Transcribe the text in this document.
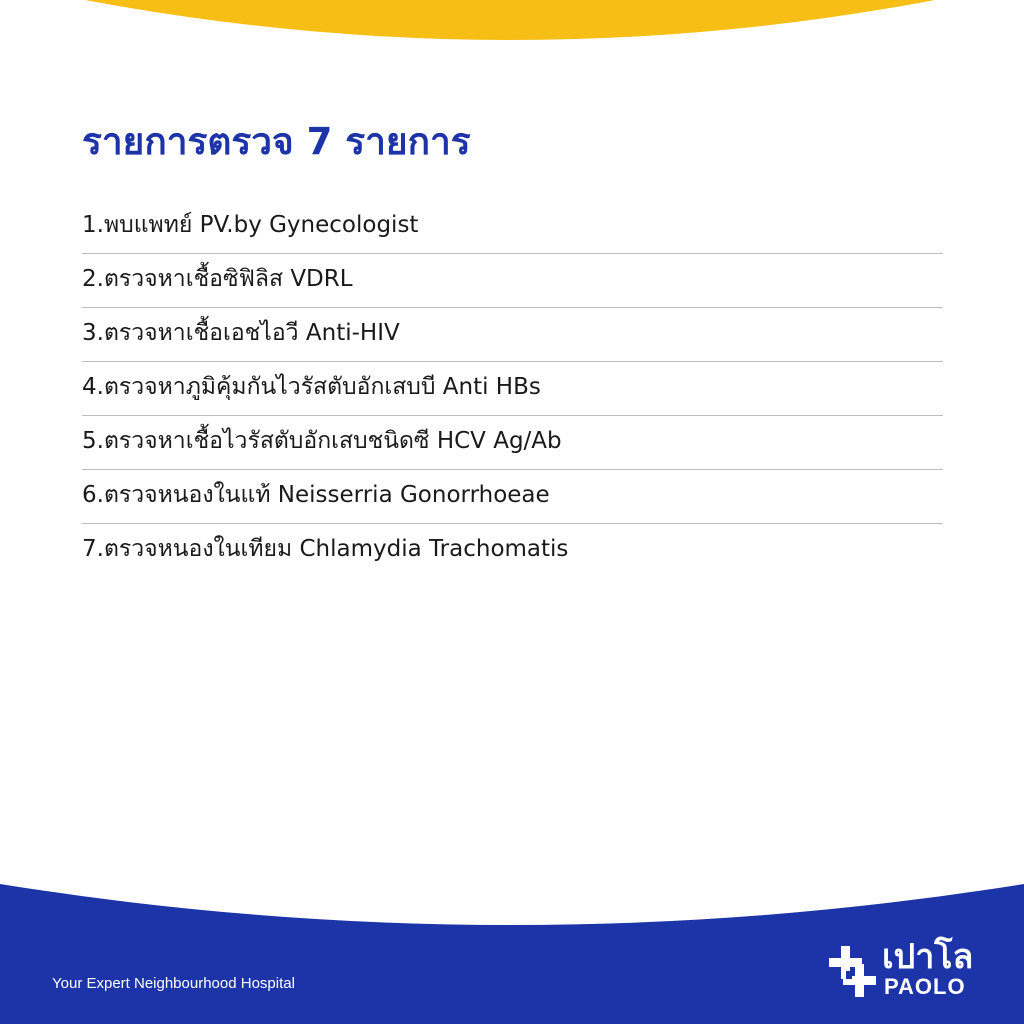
รายการตรวจ 7 รายการ
1.พบแพทย์ PV.by Gynecologist
2.ตรวจหาเชื้อซิฟิลิส VDRL
3.ตรวจหาเชื้อเอชไอวี Anti-HIV
4.ตรวจหาภูมิคุ้มกันไวรัสตับอักเสบบี Anti HBs
5.ตรวจหาเชื้อไวรัสตับอักเสบชนิดซี HCV Ag/Ab
6.ตรวจหนองในแท้ Neisserria Gonorrhoeae
7.ตรวจหนองในเทียม Chlamydia Trachomatis
Your Expert Neighbourhood Hospital
เปาโล
PAOLO
